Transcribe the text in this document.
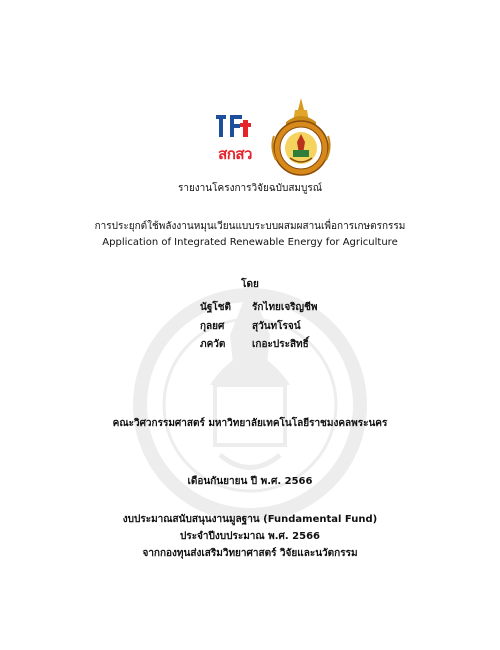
สกสว
รายงานโครงการวิจัยฉบับสมบูรณ์
การประยุกต์ใช้พลังงานหมุนเวียนแบบระบบผสมผสานเพื่อการเกษตรกรรม
Application of Integrated Renewable Energy for Agriculture
โดย
นัฐโชติ รักไทยเจริญชีพ
กุลยศ	สุวันทโรจน์
ภควัต	เกอะประสิทธิ์
คณะวิศวกรรมศาสตร์ มหาวิทยาลัยเทคโนโลยีราชมงคลพระนคร
เดือนกันยายน ปี พ.ศ. 2566
งบประมาณสนับสนุนงานมูลฐาน (Fundamental Fund)
ประจำปีงบประมาณ พ.ศ. 2566
จากกองทุนส่งเสริมวิทยาศาสตร์ วิจัยและนวัตกรรม
